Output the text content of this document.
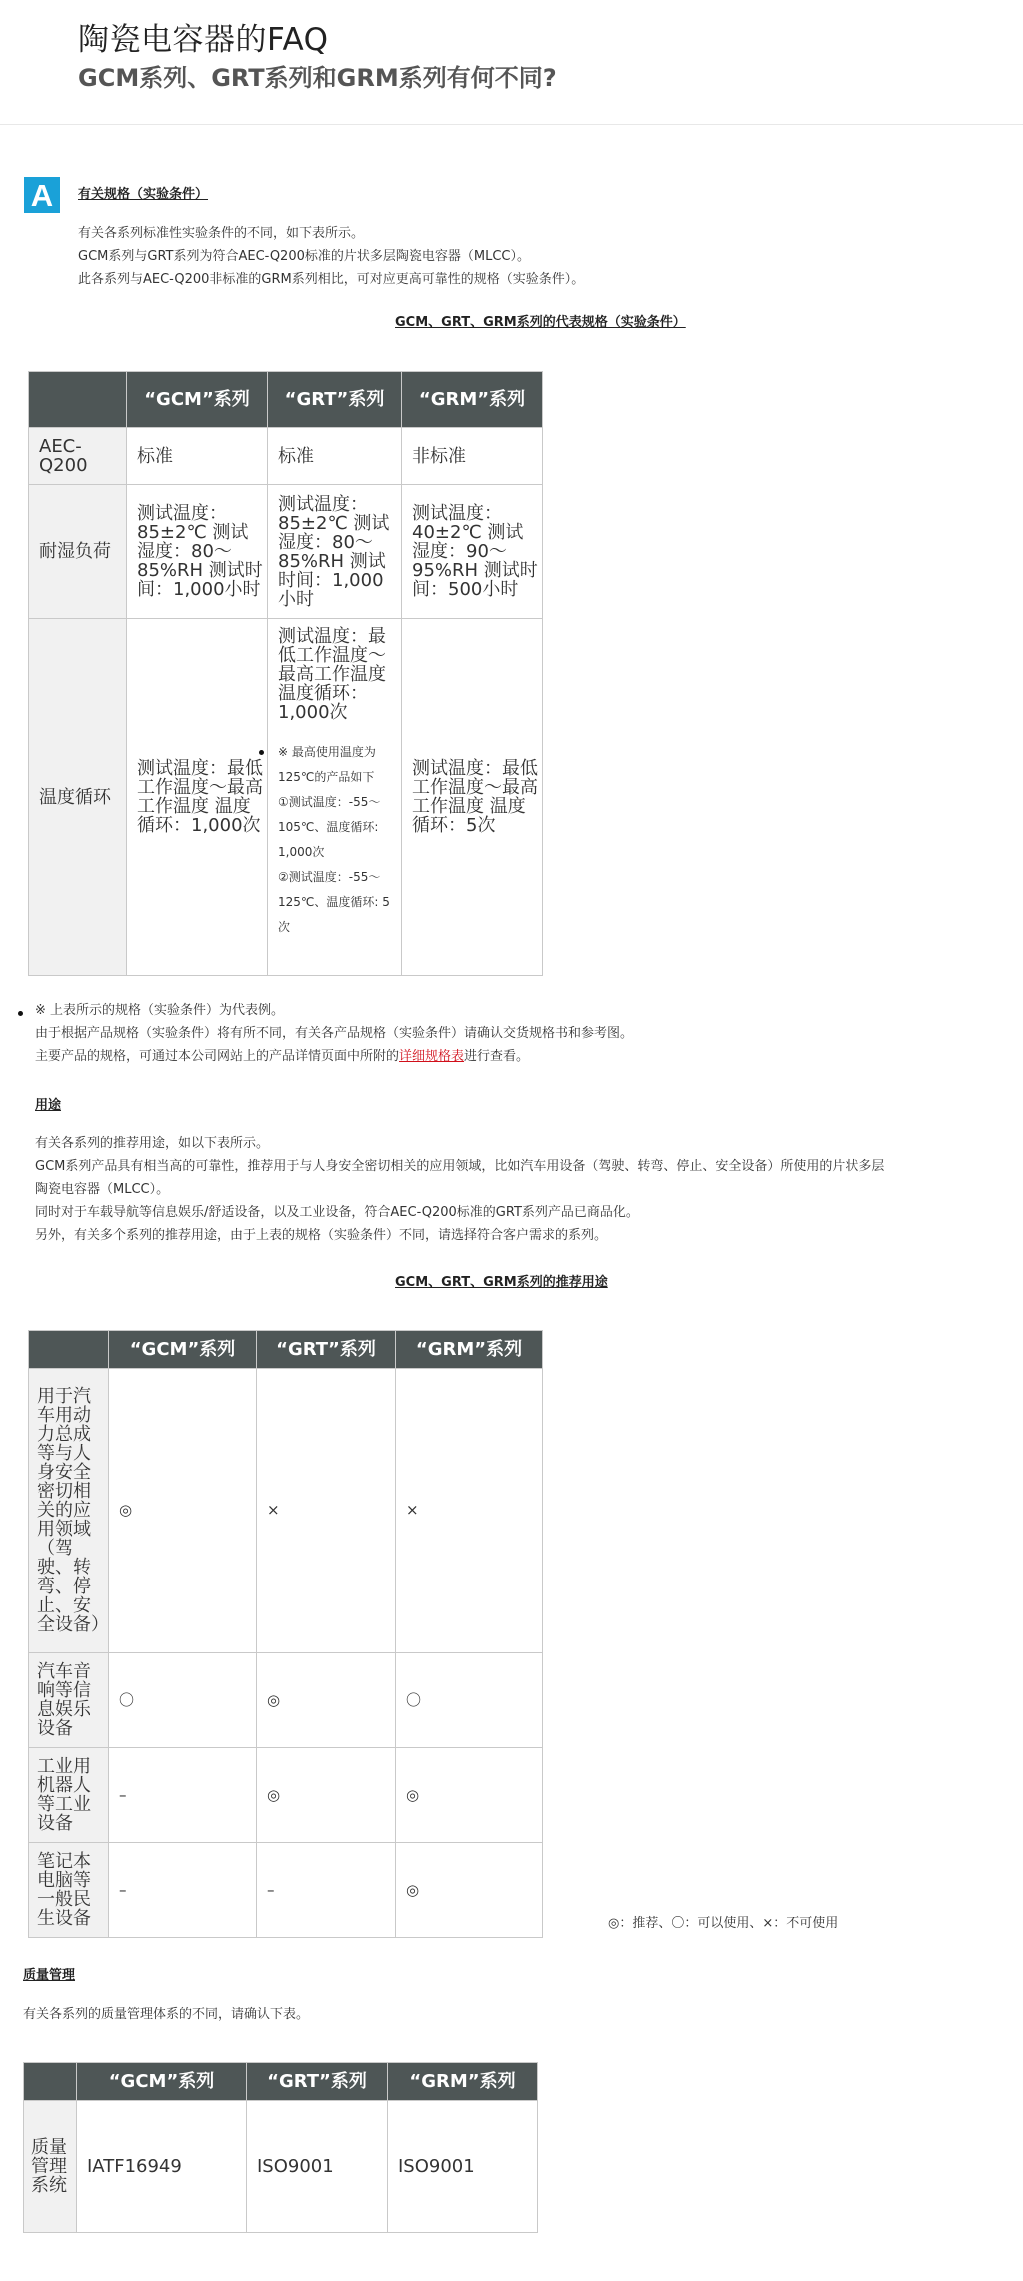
陶瓷电容器的FAQ
GCM系列、GRT系列和GRM系列有何不同?
A	有关规格（实验条件）

有关各系列标准性实验条件的不同，如下表所示。

GCM系列与GRT系列为符合AEC-Q200标准的片状多层陶瓷电容器（MLCC）。

此各系列与AEC-Q200非标准的GRM系列相比，可对应更高可靠性的规格（实验条件）。

GCM、GRT、GRM系列的代表规格（实验条件）
	“GCM”系列	“GRT”系列	“GRM”系列
AEC-Q200	标准	标准	非标准
耐湿负荷	测试温度：85±2℃ 测试湿度：80～85%RH 测试时间：1,000小时	测试温度：85±2℃ 测试湿度：80～85%RH 测试时间：1,000小时	测试温度：40±2℃ 测试湿度：90～95%RH 测试时间：500小时
温度循环	测试温度：最低工作温度～最高工作温度 温度循环：1,000次	测试温度：最低工作温度～最高工作温度 温度循环：1,000次
※ 最高使用温度为125℃的产品如下
①测试温度：-55～105℃、温度循环: 1,000次
②测试温度：-55～125℃、温度循环: 5次	测试温度：最低工作温度～最高工作温度 温度循环：5次

※ 上表所示的规格（实验条件）为代表例。

由于根据产品规格（实验条件）将有所不同，有关各产品规格（实验条件）请确认交货规格书和参考图。

主要产品的规格，可通过本公司网站上的产品详情页面中所附的详细规格表进行查看。

用途

有关各系列的推荐用途，如以下表所示。

GCM系列产品具有相当高的可靠性，推荐用于与人身安全密切相关的应用领域，比如汽车用设备（驾驶、转弯、停止、安全设备）所使用的片状多层

陶瓷电容器（MLCC）。

同时对于车载导航等信息娱乐/舒适设备，以及工业设备，符合AEC-Q200标准的GRT系列产品已商品化。

另外，有关多个系列的推荐用途，由于上表的规格（实验条件）不同，请选择符合客户需求的系列。

GCM、GRT、GRM系列的推荐用途
	“GCM”系列	“GRT”系列	“GRM”系列
用于汽车用动力总成等与人身安全密切相关的应用领域（驾驶、转弯、停止、安全设备）	◎	×	×
汽车音响等信息娱乐设备	〇	◎	〇
工业用机器人等工业设备	–	◎	◎
笔记本电脑等一般民生设备	–	–	◎
◎：推荐、〇：可以使用、×：不可使用
质量管理

有关各系列的质量管理体系的不同，请确认下表。

	“GCM”系列	“GRT”系列	“GRM”系列
质量管理系统	IATF16949	ISO9001	ISO9001
